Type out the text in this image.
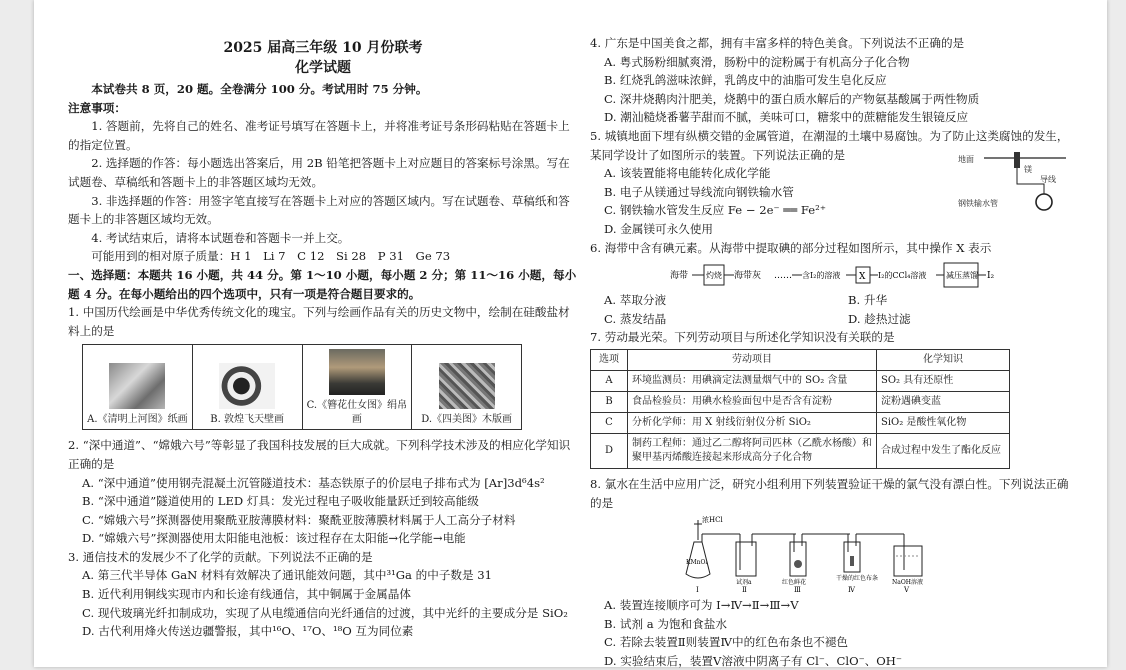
2025 届高三年级 10 月份联考
化学试题
本试卷共 8 页，20 题。全卷满分 100 分。考试用时 75 分钟。
注意事项：
1. 答题前，先将自己的姓名、准考证号填写在答题卡上，并将准考证号条形码粘贴在答题卡上的指定位置。
2. 选择题的作答：每小题选出答案后，用 2B 铅笔把答题卡上对应题目的答案标号涂黑。写在试题卷、草稿纸和答题卡上的非答题区域均无效。
3. 非选择题的作答：用签字笔直接写在答题卡上对应的答题区域内。写在试题卷、草稿纸和答题卡上的非答题区域均无效。
4. 考试结束后，请将本试题卷和答题卡一并上交。
可能用到的相对原子质量：H 1　Li 7　C 12　Si 28　P 31　Ge 73
一、选择题：本题共 16 小题，共 44 分。第 1～10 小题，每小题 2 分；第 11～16 小题，每小题 4 分。在每小题给出的四个选项中，只有一项是符合题目要求的。
1. 中国历代绘画是中华优秀传统文化的瑰宝。下列与绘画作品有关的历史文物中，绘制在硅酸盐材料上的是
A.《清明上河图》纸画	B. 敦煌飞天壁画	
C.《簪花仕女图》绢帛画	D.《四美图》木版画
2. “深中通道”、“嫦娥六号”等彰显了我国科技发展的巨大成就。下列科学技术涉及的相应化学知识正确的是
A. “深中通道”使用钢壳混凝土沉管隧道技术：基态铁原子的价层电子排布式为 [Ar]3d⁶4s²
B. “深中通道”隧道使用的 LED 灯具：发光过程电子吸收能量跃迁到较高能级
C. “嫦娥六号”探测器使用聚酰亚胺薄膜材料：聚酰亚胺薄膜材料属于人工高分子材料
D. “嫦娥六号”探测器使用太阳能电池板：该过程存在太阳能→化学能→电能
3. 通信技术的发展少不了化学的贡献。下列说法不正确的是
A. 第三代半导体 GaN 材料有效解决了通讯能效问题，其中³¹Ga 的中子数是 31
B. 近代利用铜线实现市内和长途有线通信，其中铜属于金属晶体
C. 现代玻璃光纤扣制成功，实现了从电缆通信向光纤通信的过渡，其中光纤的主要成分是 SiO₂
D. 古代利用烽火传送边疆警报，其中¹⁶O、¹⁷O、¹⁸O 互为同位素
4. 广东是中国美食之都，拥有丰富多样的特色美食。下列说法不正确的是
A. 粤式肠粉细腻爽滑，肠粉中的淀粉属于有机高分子化合物
B. 红烧乳鸽滋味浓鲜，乳鸽皮中的油脂可发生皂化反应
C. 深井烧鹅肉汁肥美，烧鹅中的蛋白质水解后的产物氨基酸属于两性物质
D. 潮汕糙烧番薯芋甜而不腻，美味可口，糖浆中的蔗糖能发生银镜反应
5. 城镇地面下埋有纵横交错的金属管道，在潮湿的土壤中易腐蚀。为了防止这类腐蚀的发生，某同学设计了如图所示的装置。下列说法正确的是
A. 该装置能将电能转化成化学能
B. 电子从镁通过导线流向钢铁输水管
C. 钢铁输水管发生反应 Fe − 2e⁻ ══ Fe²⁺
D. 金属镁可永久使用
地面
镁
导线
钢铁输水管
6. 海带中含有碘元素。从海带中提取碘的部分过程如图所示，其中操作 X 表示
海带 灼烧 海带灰 …… 含I₂的溶液 X I₂的CCl₄溶液 减压蒸馏 I₂
A. 萃取分液	B. 升华
C. 蒸发结晶	D. 趁热过滤
7. 劳动最光荣。下列劳动项目与所述化学知识没有关联的是
选项	劳动项目	化学知识
A	环境监测员：用碘滴定法测量烟气中的 SO₂ 含量	SO₂ 具有还原性
B	食品检验员：用碘水检验面包中是否含有淀粉	淀粉遇碘变蓝
C	分析化学师：用 X 射线衍射仪分析 SiO₂	SiO₂ 是酸性氧化物
D	制药工程师：通过乙二醇将阿司匹林（乙酰水杨酸）和聚甲基丙烯酸连接起来形成高分子化合物	合成过程中发生了酯化反应
8. 氯水在生活中应用广泛，研究小组利用下列装置验证干燥的氯气没有漂白性。下列说法正确的是
浓HCl
KMnO₄
Ⅰ
试剂a
Ⅱ
红色鲜花
Ⅲ
干燥的红色布条
Ⅳ
NaOH溶液
Ⅴ
A. 装置连接顺序可为 Ⅰ→Ⅳ→Ⅱ→Ⅲ→Ⅴ
B. 试剂 a 为饱和食盐水
C. 若除去装置Ⅱ则装置Ⅳ中的红色布条也不褪色
D. 实验结束后，装置Ⅴ溶液中阴离子有 Cl⁻、ClO⁻、OH⁻
